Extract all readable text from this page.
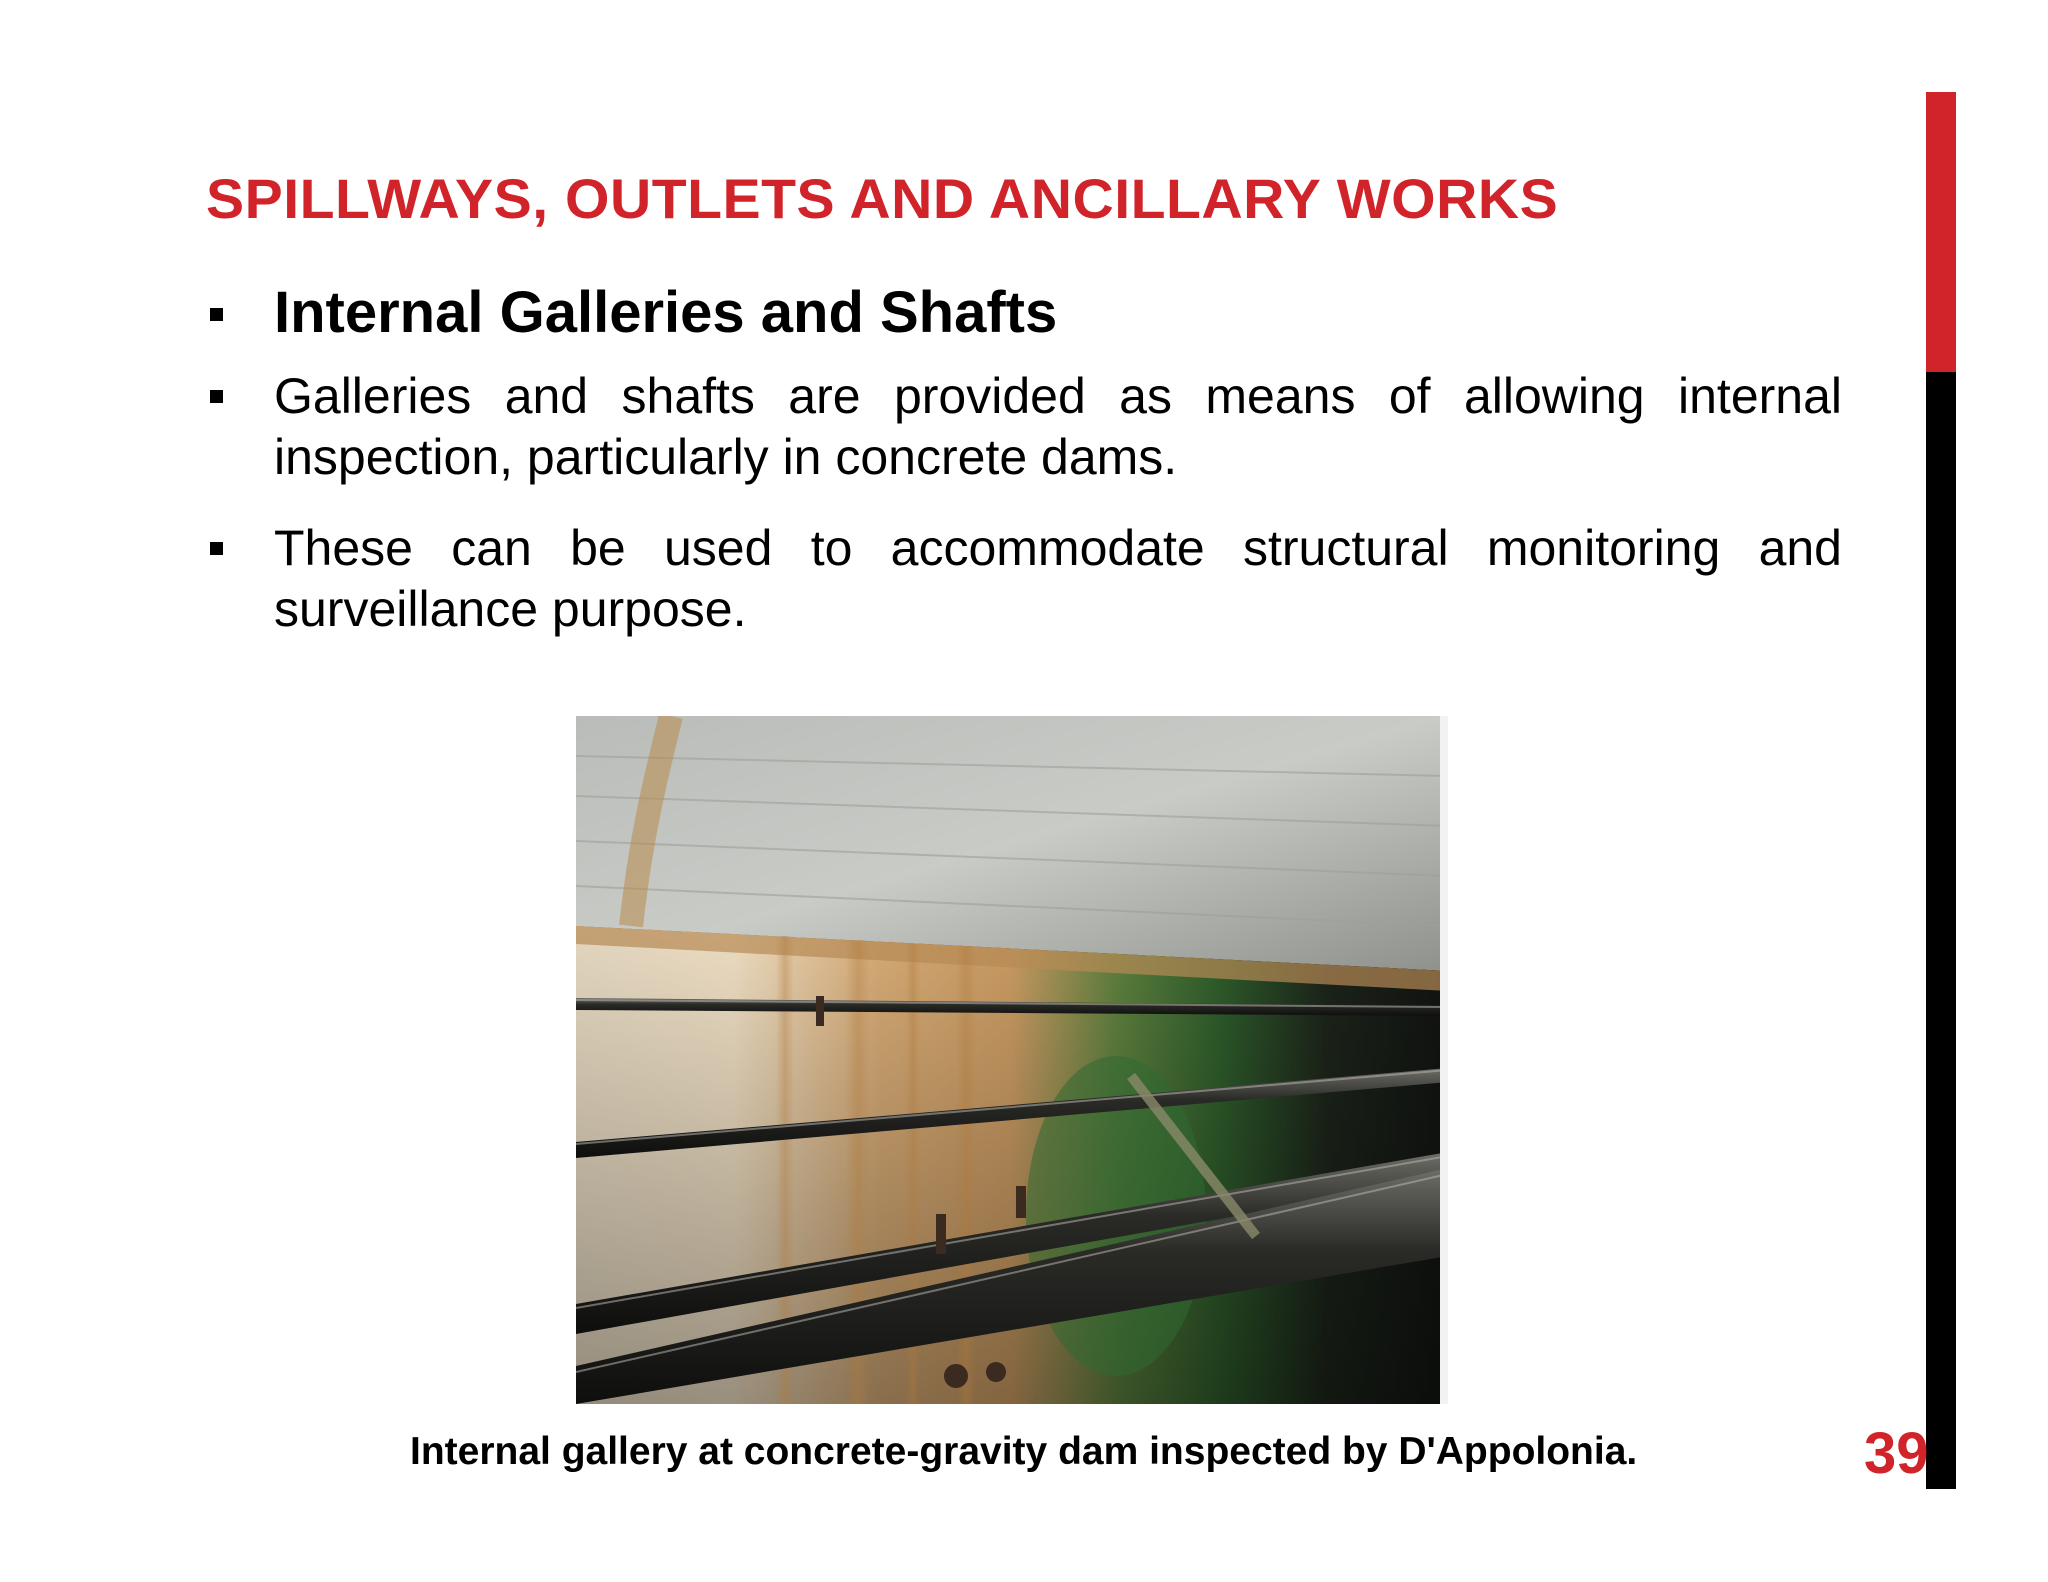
SPILLWAYS, OUTLETS AND ANCILLARY WORKS
Internal Galleries and Shafts
Galleries and shafts are provided as means of allowing internal inspection, particularly in concrete dams.
These can be used to accommodate structural monitoring and surveillance purpose.
Internal gallery at concrete-gravity dam inspected by D'Appolonia.	39
